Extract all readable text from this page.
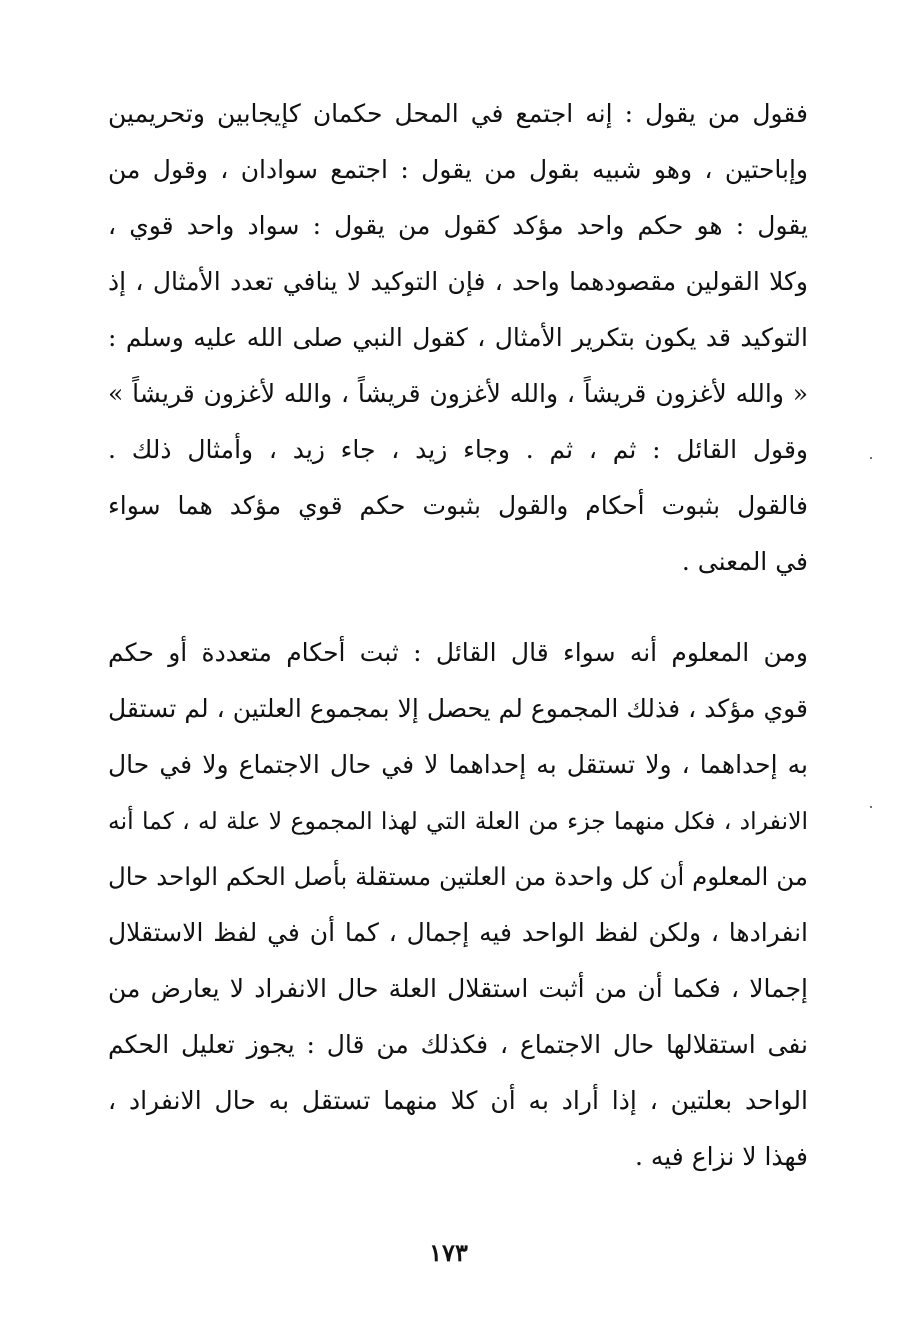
فقول من يقول : إنه اجتمع في المحل حكمان كإيجابين وتحريمين
وإباحتين ، وهو شبيه بقول من يقول : اجتمع سوادان ، وقول من
يقول : هو حكم واحد مؤكد كقول من يقول : سواد واحد قوي ،
وكلا القولين مقصودهما واحد ، فإن التوكيد لا ينافي تعدد الأمثال ، إذ
التوكيد قد يكون بتكرير الأمثال ، كقول النبي صلى الله عليه وسلم :
« والله لأغزون قريشاً ، والله لأغزون قريشاً ، والله لأغزون قريشاً »
وقول القائل : ثم ، ثم . وجاء زيد ، جاء زيد ، وأمثال ذلك .
فالقول بثبوت أحكام والقول بثبوت حكم قوي مؤكد هما سواء
في المعنى .
ومن المعلوم أنه سواء قال القائل : ثبت أحكام متعددة أو حكم
قوي مؤكد ، فذلك المجموع لم يحصل إلا بمجموع العلتين ، لم تستقل
به إحداهما ، ولا تستقل به إحداهما لا في حال الاجتماع ولا في حال
الانفراد ، فكل منهما جزء من العلة التي لهذا المجموع لا علة له ، كما أنه
من المعلوم أن كل واحدة من العلتين مستقلة بأصل الحكم الواحد حال
انفرادها ، ولكن لفظ الواحد فيه إجمال ، كما أن في لفظ الاستقلال
إجمالا ، فكما أن من أثبت استقلال العلة حال الانفراد لا يعارض من
نفى استقلالها حال الاجتماع ، فكذلك من قال : يجوز تعليل الحكم
الواحد بعلتين ، إذا أراد به أن كلا منهما تستقل به حال الانفراد ،
فهذا لا نزاع فيه .
١٧٣
